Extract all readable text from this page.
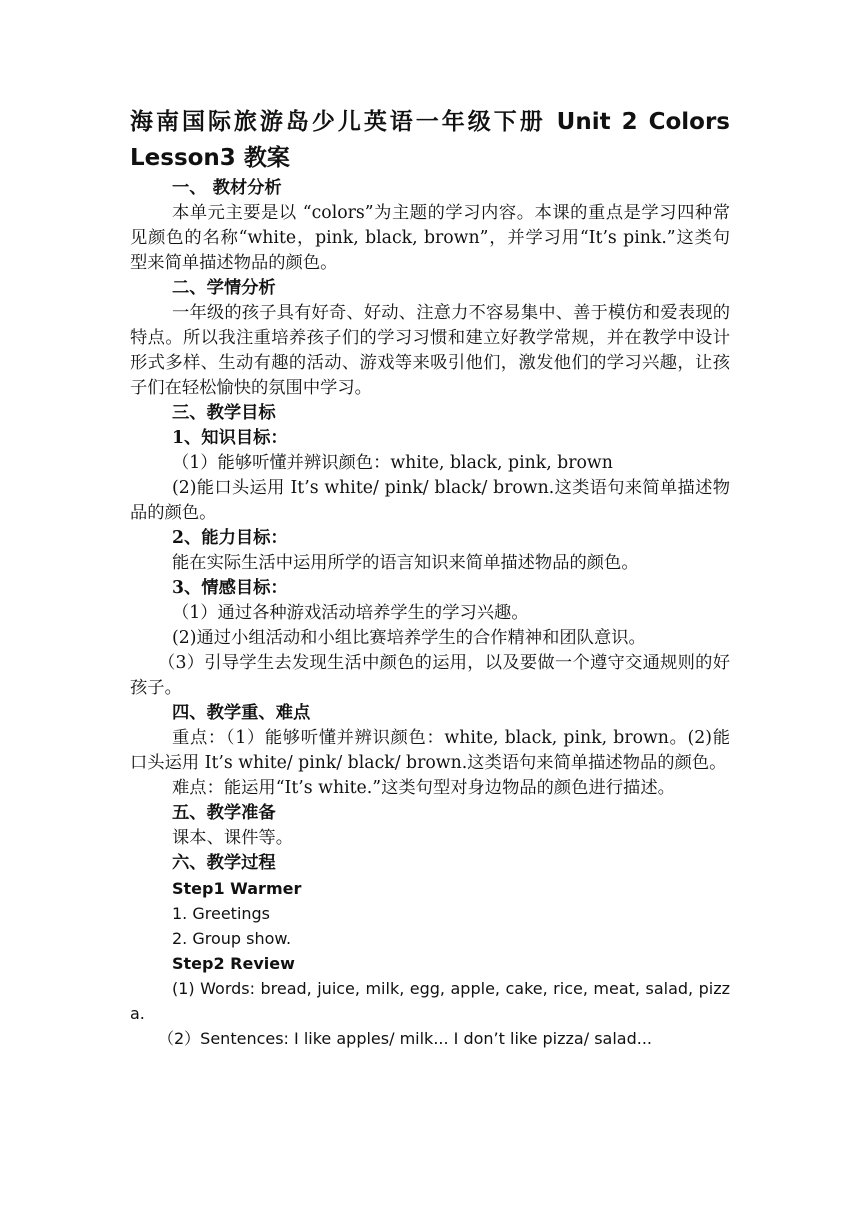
海南国际旅游岛少儿英语一年级下册 Unit 2 Colors Lesson3 教案
一、 教材分析
本单元主要是以 “colors”为主题的学习内容。本课的重点是学习四种常见颜色的名称“white，pink, black, brown”，并学习用“It’s pink.”这类句型来简单描述物品的颜色。
二、学情分析
一年级的孩子具有好奇、好动、注意力不容易集中、善于模仿和爱表现的特点。所以我注重培养孩子们的学习习惯和建立好教学常规，并在教学中设计形式多样、生动有趣的活动、游戏等来吸引他们，激发他们的学习兴趣，让孩子们在轻松愉快的氛围中学习。
三、教学目标
1、知识目标：
（1）能够听懂并辨识颜色：white, black, pink, brown
(2)能口头运用 It’s white/ pink/ black/ brown.这类语句来简单描述物品的颜色。
2、能力目标：
能在实际生活中运用所学的语言知识来简单描述物品的颜色。
3、情感目标：
（1）通过各种游戏活动培养学生的学习兴趣。
(2)通过小组活动和小组比赛培养学生的合作精神和团队意识。
（3）引导学生去发现生活中颜色的运用，以及要做一个遵守交通规则的好孩子。
四、教学重、难点
重点：（1）能够听懂并辨识颜色：white, black, pink, brown。(2)能口头运用 It’s white/ pink/ black/ brown.这类语句来简单描述物品的颜色。
难点：能运用“It’s white.”这类句型对身边物品的颜色进行描述。
五、教学准备
课本、课件等。
六、教学过程
Step1 Warmer
1. Greetings
2. Group show.
Step2 Review
(1) Words: bread, juice, milk, egg, apple, cake, rice, meat, salad, pizza.
（2）Sentences: I like apples/ milk... I don’t like pizza/ salad...
